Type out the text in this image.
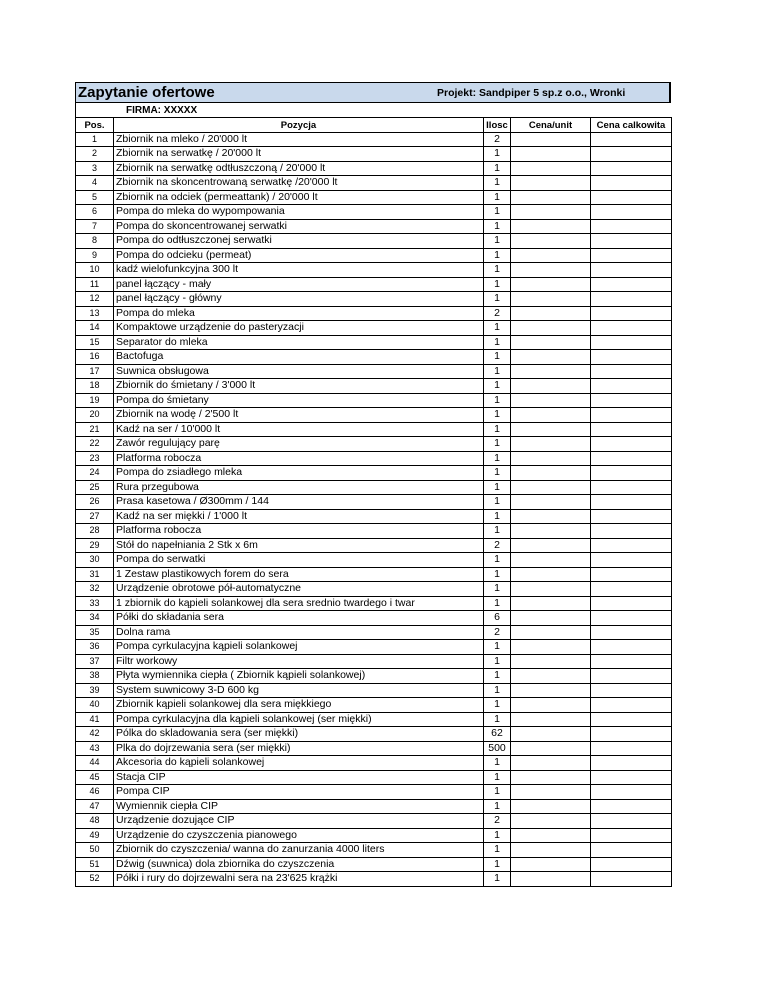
Zapytanie ofertowe	Projekt: Sandpiper 5 sp.z o.o., Wronki
FIRMA: XXXXX
Pos.	Pozycja	Ilosc	Cena/unit	Cena calkowita
1	Zbiornik na mleko / 20'000 lt	2		
2	Zbiornik na serwatkę / 20'000 lt	1		
3	Zbiornik na serwatkę odtłuszczoną / 20'000 lt	1		
4	Zbiornik na skoncentrowaną serwatkę /20'000 lt	1		
5	Zbiornik na odciek (permeattank) / 20'000 lt	1		
6	Pompa do mleka do wypompowania	1		
7	Pompa do skoncentrowanej serwatki	1		
8	Pompa do odtłuszczonej serwatki	1		
9	Pompa do odcieku (permeat)	1		
10	kadź wielofunkcyjna 300 lt	1		
11	panel łączący - mały	1		
12	panel łączący - główny	1		
13	Pompa do mleka	2		
14	Kompaktowe urządzenie do pasteryzacji	1		
15	Separator do mleka	1		
16	Bactofuga	1		
17	Suwnica obsługowa	1		
18	Zbiornik do śmietany / 3'000 lt	1		
19	Pompa do śmietany	1		
20	Zbiornik na wodę / 2'500 lt	1		
21	Kadź na ser / 10'000 lt	1		
22	Zawór regulujący parę	1		
23	Platforma robocza	1		
24	Pompa do zsiadłego mleka	1		
25	Rura przegubowa	1		
26	Prasa kasetowa / Ø300mm / 144	1		
27	Kadź na ser miękki / 1'000 lt	1		
28	Platforma robocza	1		
29	Stół do napełniania 2 Stk x 6m	2		
30	Pompa do serwatki	1		
31	1 Zestaw plastikowych forem do sera	1		
32	Urządzenie obrotowe pół-automatyczne	1		
33	1 zbiornik do kąpieli solankowej dla sera srednio twardego i twar	1		
34	Półki do składania sera	6		
35	Dolna rama	2		
36	Pompa cyrkulacyjna kąpieli solankowej	1		
37	Filtr workowy	1		
38	Płyta wymiennika ciepła ( Zbiornik kąpieli solankowej)	1		
39	System suwnicowy 3-D 600 kg	1		
40	Zbiornik kąpieli solankowej dla sera miękkiego	1		
41	Pompa cyrkulacyjna dla kąpieli solankowej (ser miękki)	1		
42	Pólka do skladowania sera (ser miękki)	62		
43	Plka do dojrzewania sera (ser miękki)	500		
44	Akcesoria do kąpieli solankowej	1		
45	Stacja CIP	1		
46	Pompa CIP	1		
47	Wymiennik ciepła CIP	1		
48	Urządzenie dozujące CIP	2		
49	Urządzenie do czyszczenia pianowego	1		
50	Zbiornik do czyszczenia/ wanna do zanurzania 4000 liters	1		
51	Dźwig (suwnica) dola zbiornika do czyszczenia	1		
52	Półki i rury do dojrzewalni sera na 23'625 krążki	1		
